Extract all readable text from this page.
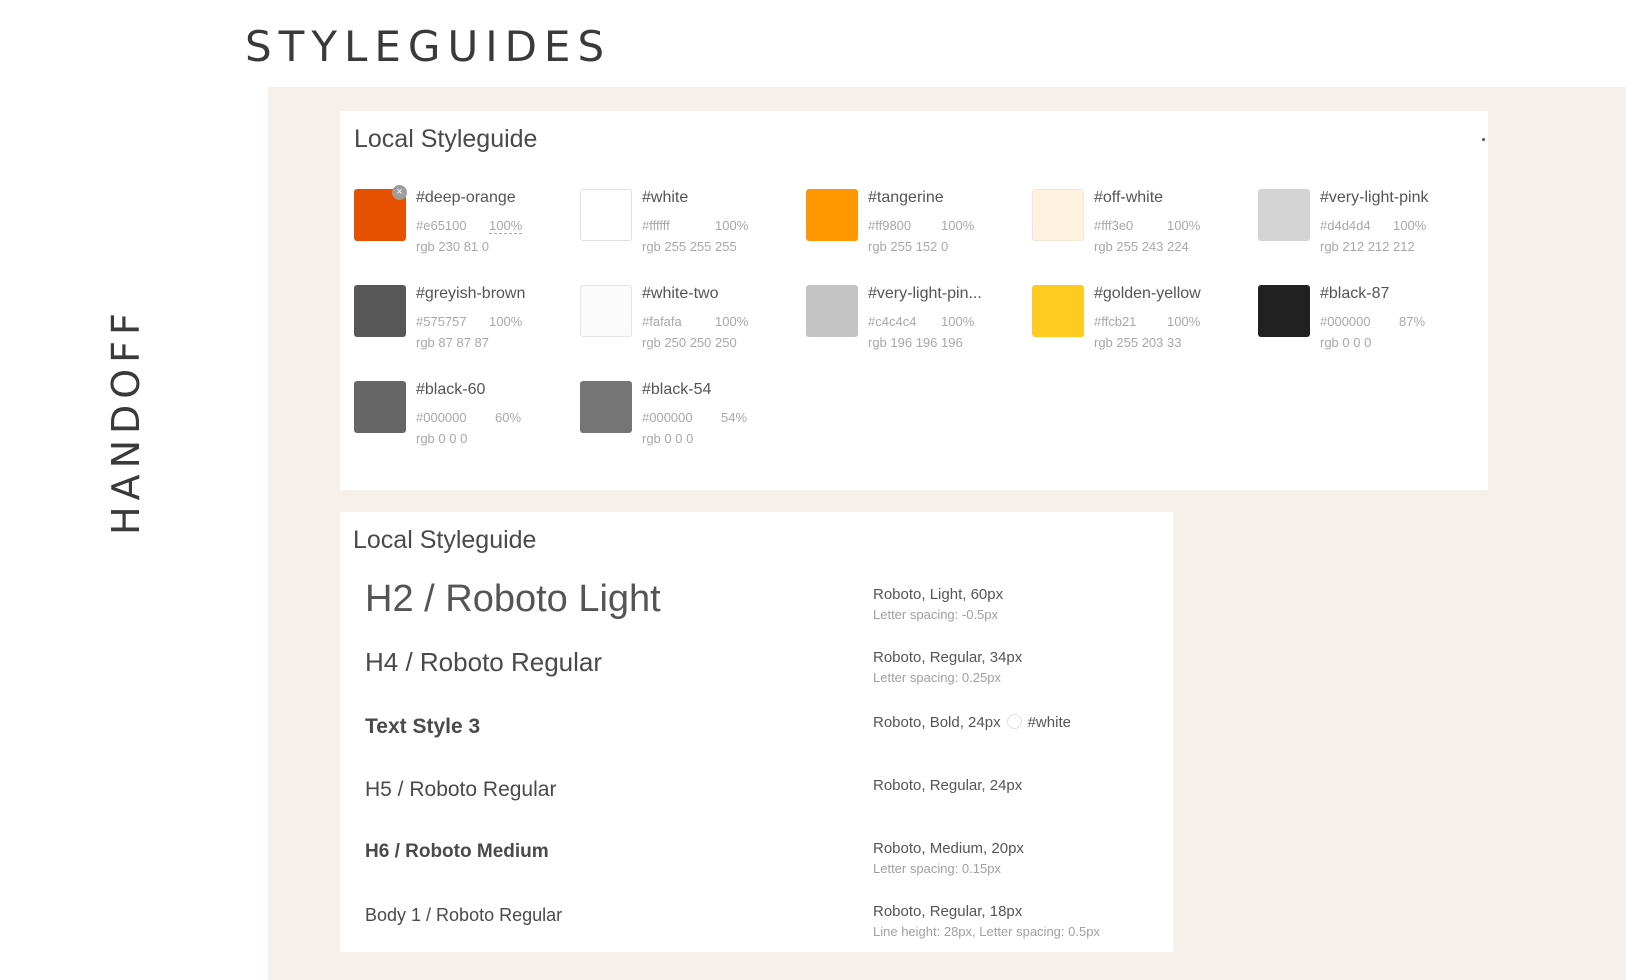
STYLEGUIDES
HANDOFF
Local Styleguide
× #deep-orange
#e65100 100%
rgb 230 81 0
#white
#ffffff	100%
rgb 255 255 255
#tangerine
#ff9800 100%
rgb 255 152 0
#off-white
#fff3e0	100%
rgb 255 243 224
#very-light-pink
#d4d4d4 100%
rgb 212 212 212
#greyish-brown
#575757 100%
rgb 87 87 87
#white-two
#fafafa	100%
rgb 250 250 250
#very-light-pin...
#c4c4c4 100%
rgb 196 196 196
#golden-yellow
#ffcb21 100%
rgb 255 203 33
#black-87
#000000 87%
rgb 0 0 0
#black-60
#000000 60%
rgb 0 0 0
#black-54
#000000 54%
rgb 0 0 0
Local Styleguide
H2 / Roboto Light	Roboto, Light, 60px
Letter spacing: -0.5px
H4 / Roboto Regular	Roboto, Regular, 34px
Letter spacing: 0.25px
Text Style 3	Roboto, Bold, 24px #white
H5 / Roboto Regular	Roboto, Regular, 24px
H6 / Roboto Medium	Roboto, Medium, 20px
Letter spacing: 0.15px
Body 1 / Roboto Regular	Roboto, Regular, 18px
Line height: 28px, Letter spacing: 0.5px
